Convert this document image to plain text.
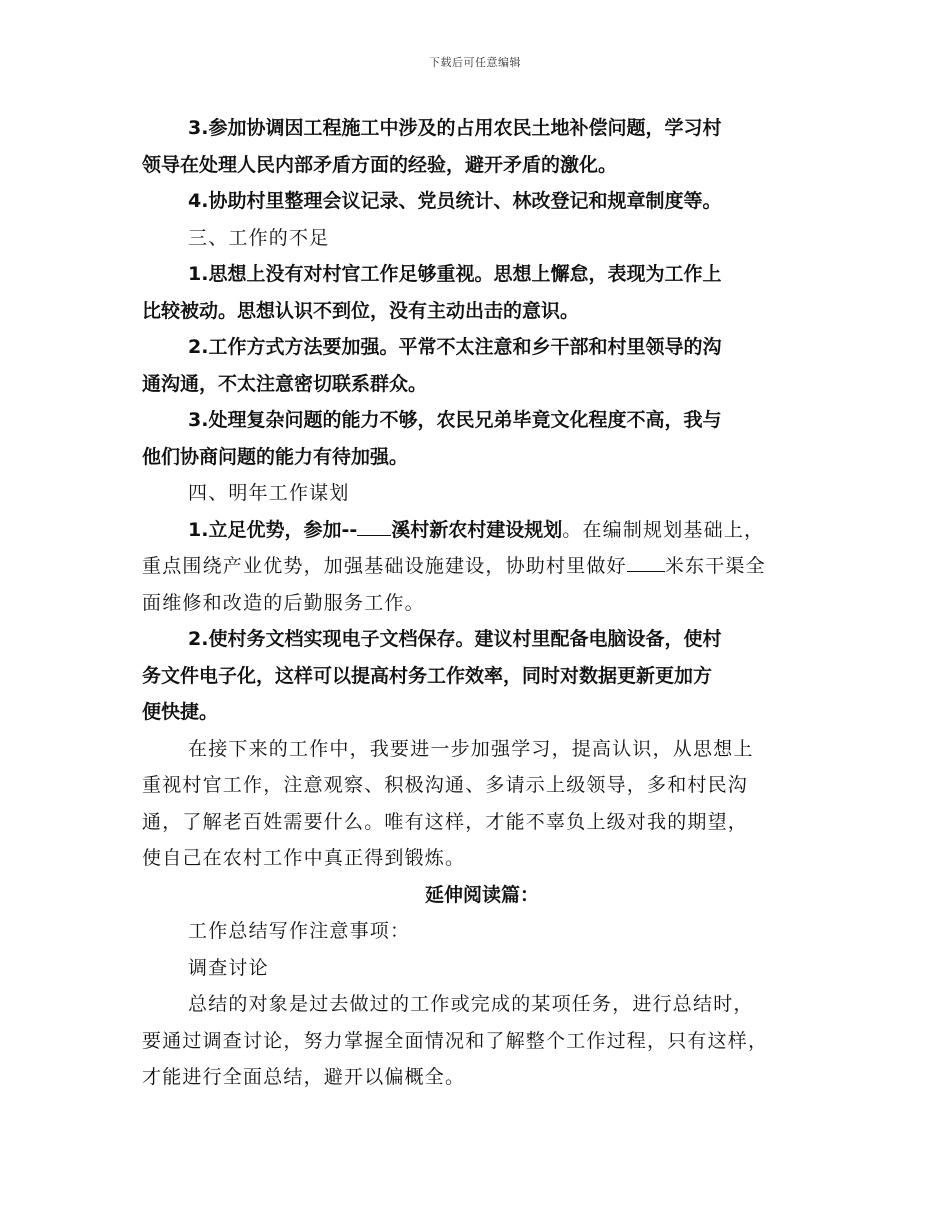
下载后可任意编辑
3.参加协调因工程施工中涉及的占用农民土地补偿问题，学习村
领导在处理人民内部矛盾方面的经验，避开矛盾的激化。
4.协助村里整理会议记录、党员统计、林改登记和规章制度等。
三、工作的不足
1.思想上没有对村官工作足够重视。思想上懈怠，表现为工作上
比较被动。思想认识不到位，没有主动出击的意识。
2.工作方式方法要加强。平常不太注意和乡干部和村里领导的沟
通沟通，不太注意密切联系群众。
3.处理复杂问题的能力不够，农民兄弟毕竟文化程度不高，我与
他们协商问题的能力有待加强。
四、明年工作谋划
1.立足优势，参加-- 溪村新农村建设规划。在编制规划基础上，
重点围绕产业优势，加强基础设施建设，协助村里做好 米东干渠全
面维修和改造的后勤服务工作。
2.使村务文档实现电子文档保存。建议村里配备电脑设备，使村
务文件电子化，这样可以提高村务工作效率，同时对数据更新更加方
便快捷。
在接下来的工作中，我要进一步加强学习，提高认识，从思想上
重视村官工作，注意观察、积极沟通、多请示上级领导，多和村民沟
通，了解老百姓需要什么。唯有这样，才能不辜负上级对我的期望，
使自己在农村工作中真正得到锻炼。
延伸阅读篇：
工作总结写作注意事项：
调查讨论
总结的对象是过去做过的工作或完成的某项任务，进行总结时，
要通过调查讨论，努力掌握全面情况和了解整个工作过程，只有这样，
才能进行全面总结，避开以偏概全。
